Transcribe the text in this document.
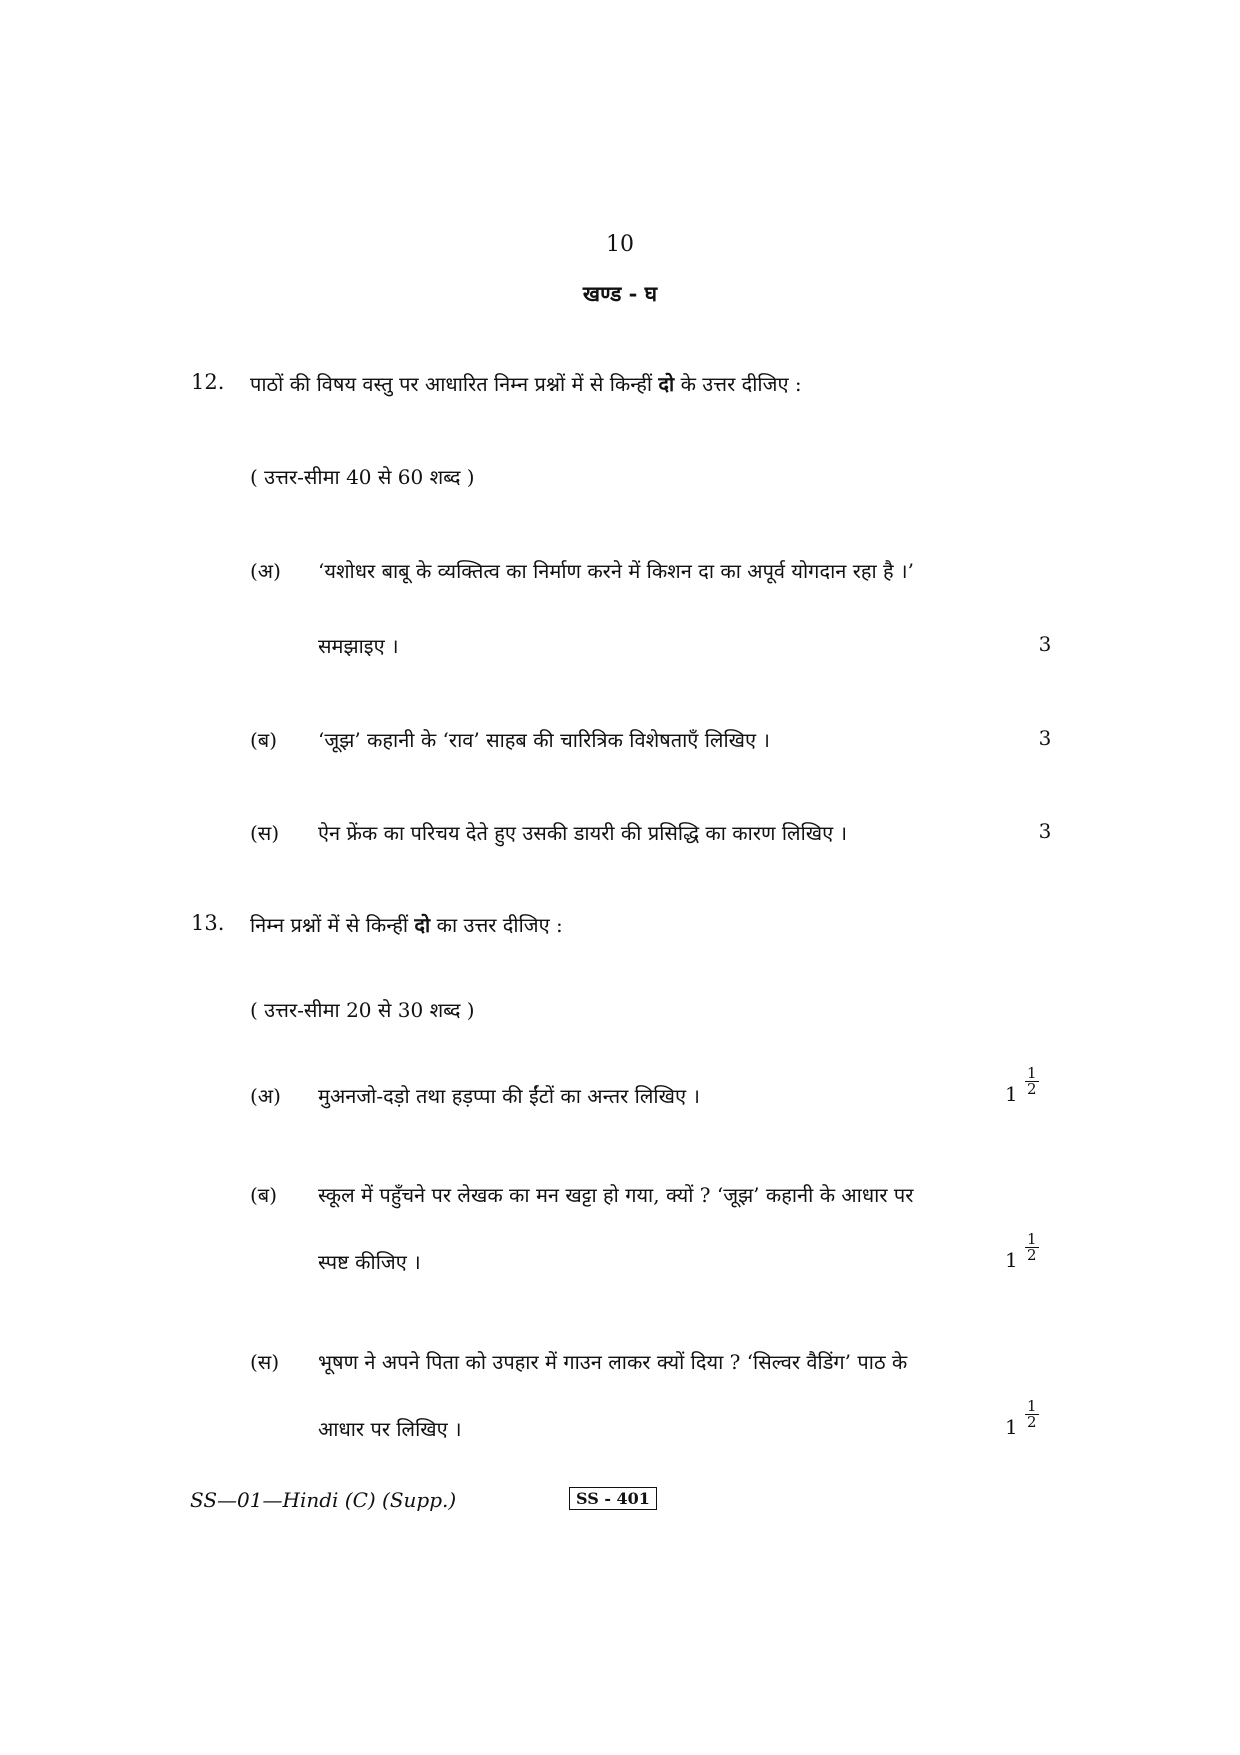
10
खण्ड - घ
12. पाठों की विषय वस्तु पर आधारित निम्न प्रश्नों में से किन्हीं दो के उत्तर दीजिए :
( उत्तर-सीमा 40 से 60 शब्द )
(अ) ‘यशोधर बाबू के व्यक्तित्व का निर्माण करने में किशन दा का अपूर्व योगदान रहा है ।’
समझाइए ।	3
(ब) ‘जूझ’ कहानी के ‘राव’ साहब की चारित्रिक विशेषताएँ लिखिए ।	3
(स) ऐन फ्रेंक का परिचय देते हुए उसकी डायरी की प्रसिद्धि का कारण लिखिए ।	3
13. निम्न प्रश्नों में से किन्हीं दो का उत्तर दीजिए :
( उत्तर-सीमा 20 से 30 शब्द )
(अ) मुअनजो-दड़ो तथा हड़प्पा की ईंटों का अन्तर लिखिए ।	$1 \frac{1}{2}$
(ब) स्कूल में पहुँचने पर लेखक का मन खट्टा हो गया, क्यों ? ‘जूझ’ कहानी के आधार पर
स्पष्ट कीजिए ।	$1 \frac{1}{2}$
(स) भूषण ने अपने पिता को उपहार में गाउन लाकर क्यों दिया ? ‘सिल्वर वैडिंग’ पाठ के
आधार पर लिखिए ।	$1 \frac{1}{2}$
SS—01—Hindi (C) (Supp.)	SS - 401
